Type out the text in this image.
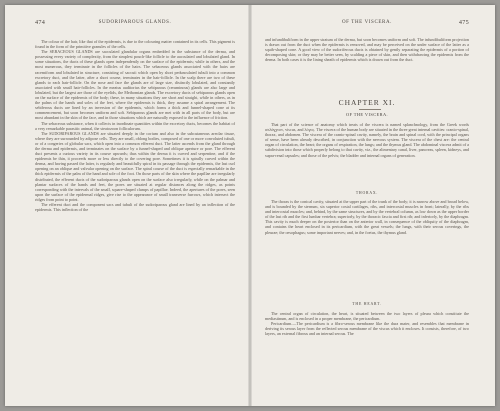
474	SUDORIPAROUS GLANDS.

The colour of the hair, like that of the epidermis, is due to the colouring matter contained in its cells. This pigment is found in the form of the primitive granules of the cells.

The SEBACEOUS GLANDS are sacculated glandular organs embedded in the substance of the derma, and possessing every variety of complexity, from the simplest pouch-like follicle to the aacculated and lobulated gland. In some situations, the ducts of these glands open independently on the surface of the epidermis; while in others, and the most numerous, they terminate in the follicles of the hairs. The sebaceous glands associated with the hairs are racemiform and lobulated in structure, consisting of saccuii which open by short pedunculated tubuli into a common excretory duct, and the latter, after a short course, terminates in the hair-follicle. In the scalp there are two of these glands to each hair-follicle. On the nose and face the glands are of large size, distinctly lobulated, and constantly associated with small hair-follicles. In the meatus auditorius the sebiparous (ceruminous) glands are also large and lobulated, but the largest are those of the eyelids, the Meibomian glands. The excretory ducts of sebiparous glands open on the surface of the epidermis of the body; these, in many situations they are short and straight, while in others, as in the palms of the hands and soles of the feet, where the epidermis is thick, they assume a spiral arrangement. The sebiferous ducts are lined by an inversion of the epidermis, which forms a thick and funnel-shaped cone at its commencement, but soon becomes uniform and soft. Sebiparous glands are met with in all parts of the body, but are most abundant in the skin of the face, and in those situations which are naturally exposed to the influence of friction.

The sebaceous substance, when it collects in inordinate quantities within the excretory ducts, becomes the habitat of a very remarkable parasitic animal, the steatozoon folliculorum.

The SUDORIPAROUS GLANDS are situated deeply in the corium and also in the subcutaneous areolar tissue, where they are surrounded by adipose cells. They are small, oblong bodies, composed of one or more convoluted tubuli, or of a congeries of globular sacs, which open into a common efferent duct. The latter ascends from the gland through the derma and epidermis, and terminates on the surface by a funnel-shaped and oblique aperture or pore. The efferent duct presents a curious variety in its course upwards; thus within the derma it is curved and serpentine, and if the epidermis be thin, it proceeds more or less directly to the covering pore. Sometimes it is spirally curved within the derma, and having passed the latter, is regularly and beautifully spiral in its passage through the epidermis, the last curl opening on an oblique and valvular opening on the surface. The spiral course of the duct is especially remarkable in the thick epidermis of the palm of the hand and sole of the foot. On those parts of the skin where the papillae are irregularly distributed, the efferent ducts of the sudoriparous glands open on the surface also irregularly, while on the palmar and plantar surfaces of the hands and feet, the pores are situated at regular distances along the ridges, as points corresponding with the intervals of the small, square-shaped clumps of papillae. Indeed, the apertures of the pores, seen upon the surface of the epidermal ridges, give rise to the appearance of small transverse furrows, which intersect the ridges from point to point.

The efferent duct and the component sacs and tubuli of the sudoriparous gland are lined by an inflection of the epidermis. This inflection of the

OF THE VISCERA.	475

and infundibuliform in the upper stratum of the derma, but soon becomes uniform and soft. The infundibuliform projection is drawn out from the duct when the epidermis is removed, and may be perceived on the under surface of the latter as a squib-shaped cone. A good view of the sudoriferous ducts is obtained by gently separating the epidermis of a portion of decomposing skin; or they may be better seen, by scalding a piece of skin, and then withdrawing the epidermis from the derma. In both cases it is the lining sheath of epidermis which is drawn out from the duct.

CHAPTER XI.
OF THE VISCERA.

That part of the science of anatomy which treats of the viscera is named splanchnology, from the Greek words σπλάγχνον, viscus, and λόγος. The viscera of the human body are situated in the three great internal cavities: cranio-spinal, thorax, and abdomen. The viscera of the cranio-spinal cavity, namely, the brain and spinal cord, with the principal organs of sense, have been already described, in conjunction with the nervous system. The viscera of the chest are: the central organ of circulation, the heart; the organs of respiration, the lungs; and the thymus gland. The abdominal viscera admit of a subdivision into those which properly belong to that cavity, viz., the alimentary canal, liver, pancreas, spleen, kidneys, and supra-renal capsules; and those of the pelvis; the bladder and internal organs of generation.

THORAX.

The thorax is the conical cavity, situated at the upper part of the trunk of the body; it is narrow above and broad below, and is bounded by the sternum, six superior costal cartilages, ribs, and intercostal muscles in front; laterally, by the ribs and intercostal muscles; and, behind, by the same structures, and by the vertebral column, as low down as the upper border of the last rib and the first lumbar vertebra; superiorly, by the thoracic fascia and first rib; and inferiorly, by the diaphragm. This cavity is much deeper on the posterior than on the anterior wall, in consequence of the obliquity of the diaphragm, and contains the heart enclosed in its pericardium, with the great vessels; the lungs, with their serous coverings, the pleurae; the oesophagus; some important nerves; and, in the foetus, the thymus gland.

THE HEART.

The central organ of circulation, the heart, is situated between the two layers of pleura which constitute the mediastinum, and is enclosed in a proper membrane, the pericardium.

Pericardium.—The pericardium is a fibro-serous membrane like the dura mater, and resembles that membrane in deriving its serous layer from the reflected serous membrane of the viscus which it encloses. It consists, therefore, of two layers, an external fibrous and an internal serous. The
